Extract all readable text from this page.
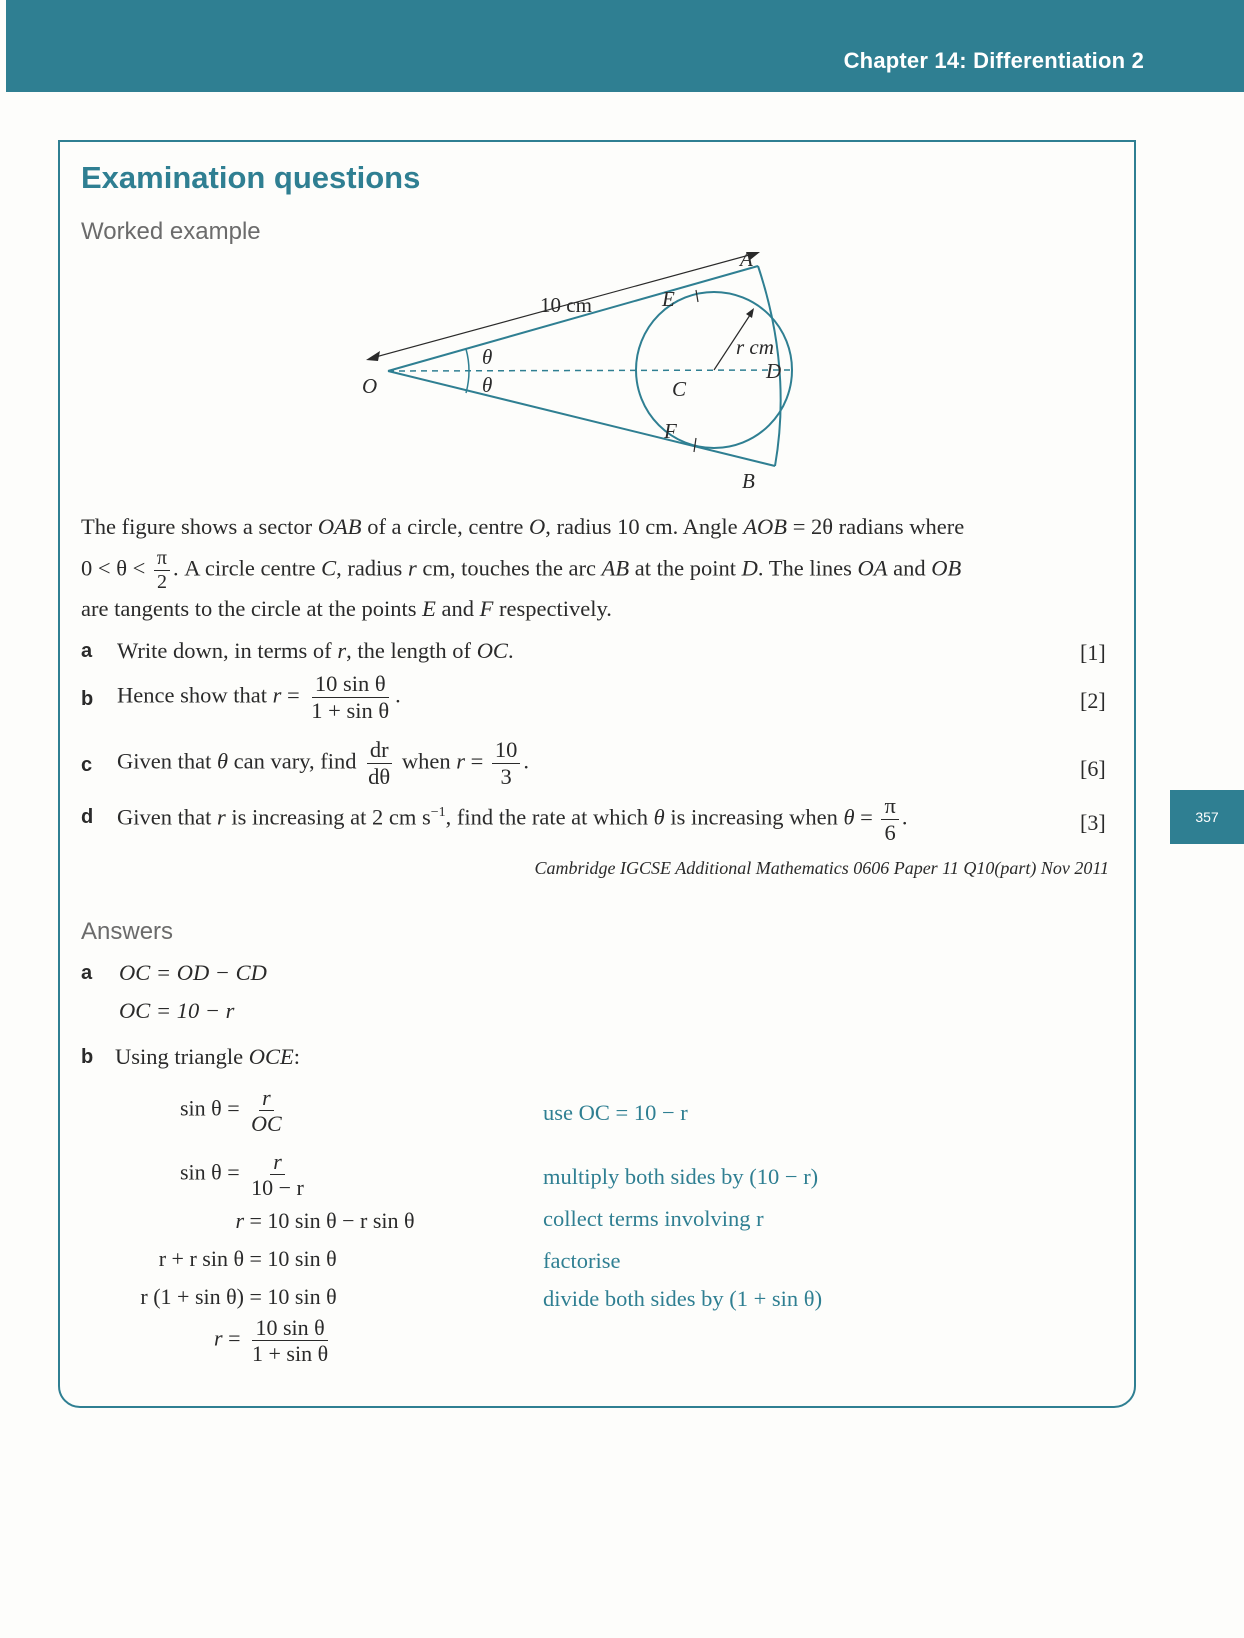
Chapter 14: Differentiation 2
357
Examination questions
Worked example
A
E
D
C
F
B
O
θ
θ
10 cm
r cm
The figure shows a sector OAB of a circle, centre O, radius 10 cm. Angle AOB = 2θ radians where
$0 < \theta < \frac{\pi}{2}$ . A circle centre C, radius r cm, touches the arc AB at the point D. The lines OA and OB
are tangents to the circle at the points E and F respectively.
a Write down, in terms of r, the length of OC.	[1]
b Hence show that $r = \frac{\text{10 sin θ}}{\text{1 + sin θ}}$ .	[2]
c Given that θ can vary, find $\frac{dr}{d\theta}$ when $r = \frac{10}{3}$ .	[6]
d Given that r is increasing at 2 cm $s^{-1}$, find the rate at which θ is increasing when $\theta = \frac{\pi}{6}$ .	[3]
Cambridge IGCSE Additional Mathematics 0606 Paper 11 Q10(part) Nov 2011
Answers
a OC = OD − CD
OC = 10 − r
b Using triangle OCE:
$\sin \theta = \frac{r}{OC}$	use OC = 10 − r
$\sin \theta = \frac{r}{10 - r}$	multiply both sides by (10 − r)
r = 10 sin θ − r sin θ	collect terms involving r
r + r sin θ = 10 sin θ	factorise
r (1 + sin θ) = 10 sin θ	divide both sides by (1 + sin θ)
$r = \frac{\text{10 sin θ}}{\text{1 + sin θ}}$
